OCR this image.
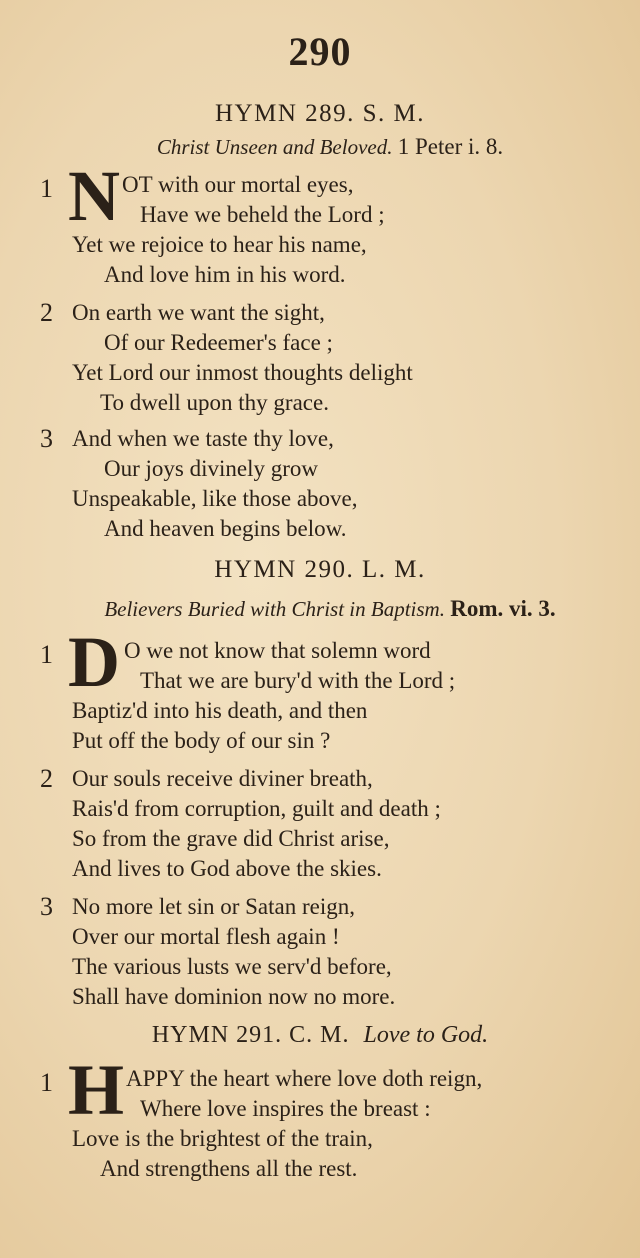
290
HYMN 289. S. M.
Christ Unseen and Beloved. 1 Peter i. 8.
1 N OT with our mortal eyes,
Have we beheld the Lord ;
Yet we rejoice to hear his name,
And love him in his word.
2 On earth we want the sight,
Of our Redeemer's face ;
Yet Lord our inmost thoughts delight
To dwell upon thy grace.
3 And when we taste thy love,
Our joys divinely grow
Unspeakable, like those above,
And heaven begins below.
HYMN 290. L. M.
Believers Buried with Christ in Baptism. Rom. vi. 3.
1 D O we not know that solemn word
That we are bury'd with the Lord ;
Baptiz'd into his death, and then
Put off the body of our sin ?
2 Our souls receive diviner breath,
Rais'd from corruption, guilt and death ;
So from the grave did Christ arise,
And lives to God above the skies.
3 No more let sin or Satan reign,
Over our mortal flesh again !
The various lusts we serv'd before,
Shall have dominion now no more.
HYMN 291. C. M. Love to God.
1 H APPY the heart where love doth reign,
Where love inspires the breast :
Love is the brightest of the train,
And strengthens all the rest.
